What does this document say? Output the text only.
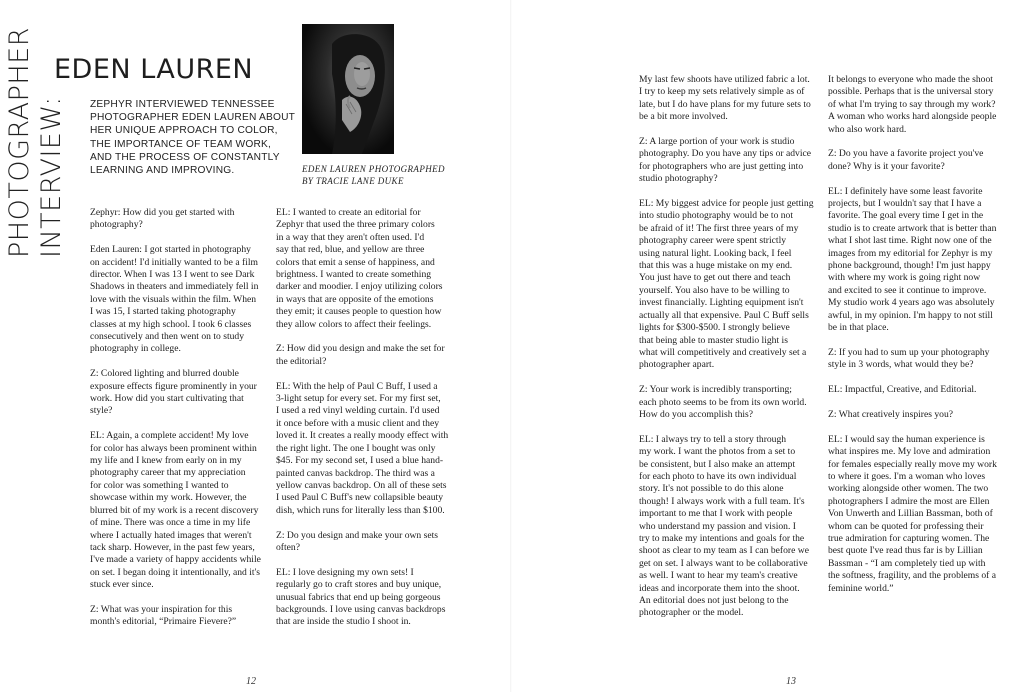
PHOTOGRAPHER INTERVIEW:
EDEN LAUREN
ZEPHYR INTERVIEWED TENNESSEE
PHOTOGRAPHER EDEN LAUREN ABOUT
HER UNIQUE APPROACH TO COLOR,
THE IMPORTANCE OF TEAM WORK,
AND THE PROCESS OF CONSTANTLY
LEARNING AND IMPROVING.	EDEN LAUREN PHOTOGRAPHED
BY TRACIE LANE DUKE
Zephyr: How did you get started with
photography?
Eden Lauren: I got started in photography
on accident! I'd initially wanted to be a film
director. When I was 13 I went to see Dark
Shadows in theaters and immediately fell in
love with the visuals within the film. When
I was 15, I started taking photography
classes at my high school. I took 6 classes
consecutively and then went on to study
photography in college.
Z: Colored lighting and blurred double
exposure effects figure prominently in your
work. How did you start cultivating that
style?
EL: Again, a complete accident! My love
for color has always been prominent within
my life and I knew from early on in my
photography career that my appreciation
for color was something I wanted to
showcase within my work. However, the
blurred bit of my work is a recent discovery
of mine. There was once a time in my life
where I actually hated images that weren't
tack sharp. However, in the past few years,
I've made a variety of happy accidents while
on set. I began doing it intentionally, and it's
stuck ever since.
Z: What was your inspiration for this
month's editorial, “Primaire Fievere?”
EL: I wanted to create an editorial for
Zephyr that used the three primary colors
in a way that they aren't often used. I'd
say that red, blue, and yellow are three
colors that emit a sense of happiness, and
brightness. I wanted to create something
darker and moodier. I enjoy utilizing colors
in ways that are opposite of the emotions
they emit; it causes people to question how
they allow colors to affect their feelings.
Z: How did you design and make the set for
the editorial?
EL: With the help of Paul C Buff, I used a
3-light setup for every set. For my first set,
I used a red vinyl welding curtain. I'd used
it once before with a music client and they
loved it. It creates a really moody effect with
the right light. The one I bought was only
$45. For my second set, I used a blue hand-
painted canvas backdrop. The third was a
yellow canvas backdrop. On all of these sets
I used Paul C Buff's new collapsible beauty
dish, which runs for literally less than $100.
Z: Do you design and make your own sets
often?
EL: I love designing my own sets! I
regularly go to craft stores and buy unique,
unusual fabrics that end up being gorgeous
backgrounds. I love using canvas backdrops
that are inside the studio I shoot in.
12	13
My last few shoots have utilized fabric a lot.
I try to keep my sets relatively simple as of
late, but I do have plans for my future sets to
be a bit more involved.
Z: A large portion of your work is studio
photography. Do you have any tips or advice
for photographers who are just getting into
studio photography?
EL: My biggest advice for people just getting
into studio photography would be to not
be afraid of it! The first three years of my
photography career were spent strictly
using natural light. Looking back, I feel
that this was a huge mistake on my end.
You just have to get out there and teach
yourself. You also have to be willing to
invest financially. Lighting equipment isn't
actually all that expensive. Paul C Buff sells
lights for $300-$500. I strongly believe
that being able to master studio light is
what will competitively and creatively set a
photographer apart.
Z: Your work is incredibly transporting;
each photo seems to be from its own world.
How do you accomplish this?
EL: I always try to tell a story through
my work. I want the photos from a set to
be consistent, but I also make an attempt
for each photo to have its own individual
story. It's not possible to do this alone
though! I always work with a full team. It's
important to me that I work with people
who understand my passion and vision. I
try to make my intentions and goals for the
shoot as clear to my team as I can before we
get on set. I always want to be collaborative
as well. I want to hear my team's creative
ideas and incorporate them into the shoot.
An editorial does not just belong to the
photographer or the model.
It belongs to everyone who made the shoot
possible. Perhaps that is the universal story
of what I'm trying to say through my work?
A woman who works hard alongside people
who also work hard.
Z: Do you have a favorite project you've
done? Why is it your favorite?
EL: I definitely have some least favorite
projects, but I wouldn't say that I have a
favorite. The goal every time I get in the
studio is to create artwork that is better than
what I shot last time. Right now one of the
images from my editorial for Zephyr is my
phone background, though! I'm just happy
with where my work is going right now
and excited to see it continue to improve.
My studio work 4 years ago was absolutely
awful, in my opinion. I'm happy to not still
be in that place.
Z: If you had to sum up your photography
style in 3 words, what would they be?
EL: Impactful, Creative, and Editorial.
Z: What creatively inspires you?
EL: I would say the human experience is
what inspires me. My love and admiration
for females especially really move my work
to where it goes. I'm a woman who loves
working alongside other women. The two
photographers I admire the most are Ellen
Von Unwerth and Lillian Bassman, both of
whom can be quoted for professing their
true admiration for capturing women. The
best quote I've read thus far is by Lillian
Bassman - “I am completely tied up with
the softness, fragility, and the problems of a
feminine world.”
